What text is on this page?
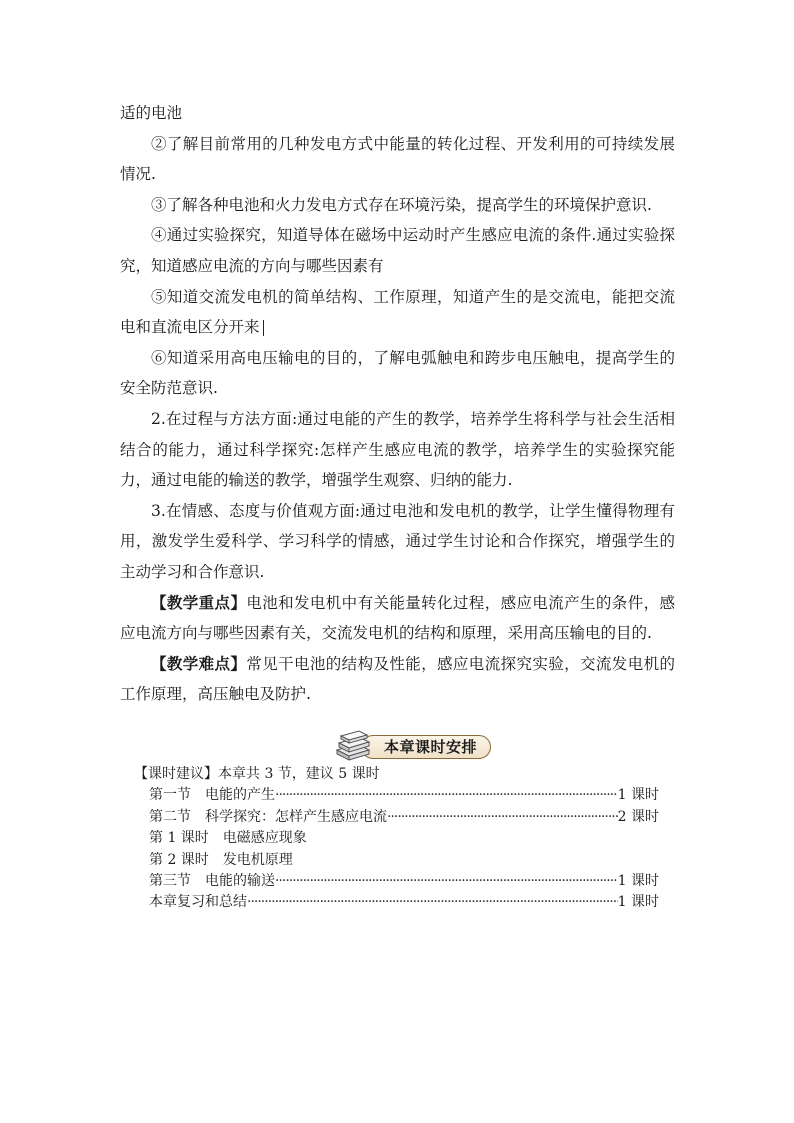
适的电池

②了解目前常用的几种发电方式中能量的转化过程、开发利用的可持续发展情况.

③了解各种电池和火力发电方式存在环境污染，提高学生的环境保护意识.

④通过实验探究，知道导体在磁场中运动时产生感应电流的条件.通过实验探究，知道感应电流的方向与哪些因素有

⑤知道交流发电机的简单结构、工作原理，知道产生的是交流电，能把交流电和直流电区分开来

⑥知道采用高电压输电的目的，了解电弧触电和跨步电压触电，提高学生的安全防范意识.

2.在过程与方法方面:通过电能的产生的教学，培养学生将科学与社会生活相结合的能力，通过科学探究:怎样产生感应电流的教学，培养学生的实验探究能力，通过电能的输送的教学，增强学生观察、归纳的能力.

3.在情感、态度与价值观方面:通过电池和发电机的教学，让学生懂得物理有用，激发学生爱科学、学习科学的情感，通过学生讨论和合作探究，增强学生的主动学习和合作意识.

【教学重点】电池和发电机中有关能量转化过程，感应电流产生的条件，感应电流方向与哪些因素有关，交流发电机的结构和原理，采用高压输电的目的.

【教学难点】常见干电池的结构及性能，感应电流探究实验，交流发电机的工作原理，高压触电及防护.

本章课时安排

【课时建议】本章共 3 节，建议 5 课时

第一节　电能的产生 ·····	1 课时
第二节　科学探究：怎样产生感应电流 ·····	2 课时

第 1 课时　电磁感应现象

第 2 课时　发电机原理

第三节　电能的输送 ·····	1 课时
本章复习和总结 ·····	1 课时
